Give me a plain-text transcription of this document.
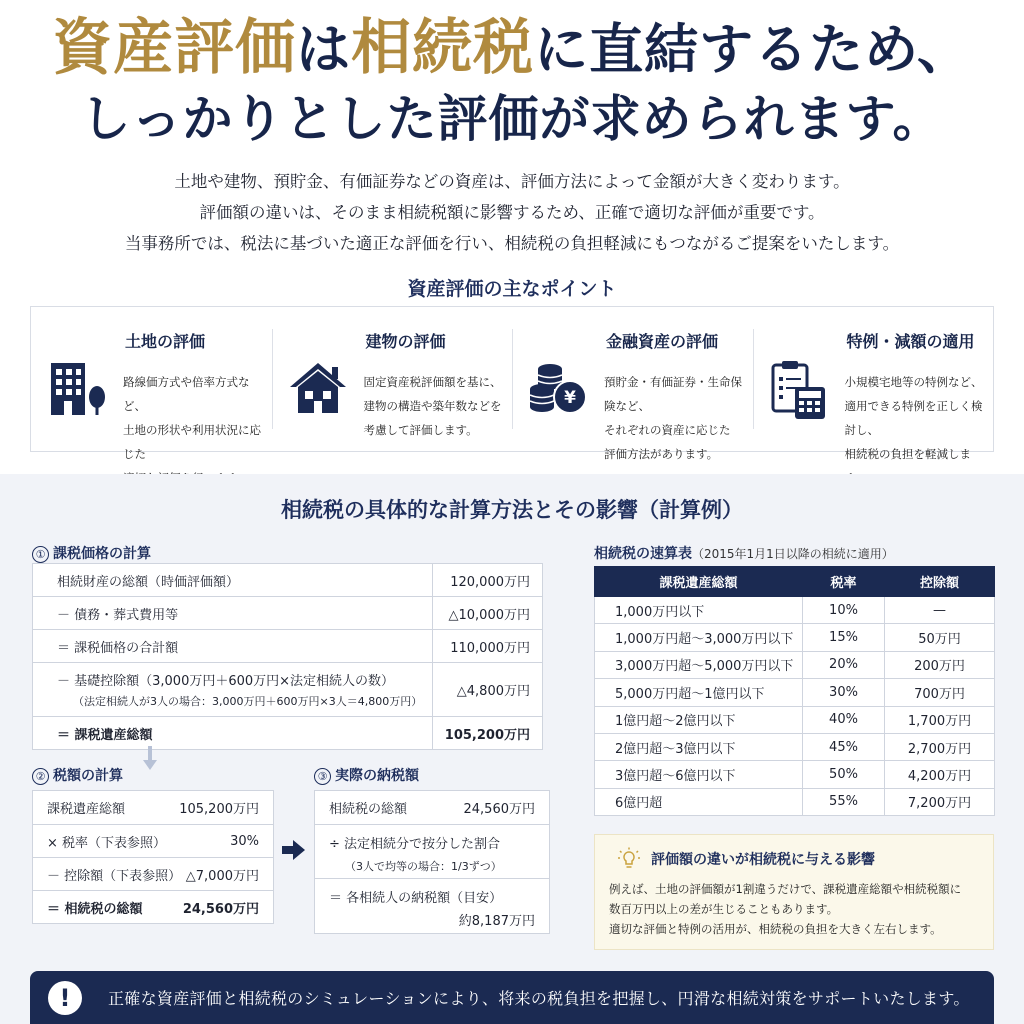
資産評価は相続税に直結するため、
しっかりとした評価が求められます。
土地や建物、預貯金、有価証券などの資産は、評価方法によって金額が大きく変わります。
評価額の違いは、そのまま相続税額に影響するため、正確で適切な評価が重要です。
当事務所では、税法に基づいた適正な評価を行い、相続税の負担軽減にもつながるご提案をいたします。
資産評価の主なポイント
土地の評価
路線価方式や倍率方式など、
土地の形状や利用状況に応じた

建物の評価
固定資産税評価額を基に、
建物の構造や築年数などを
考慮して評価します。
¥
金融資産の評価
預貯金・有価証券・生命保険など、
それぞれの資産に応じた
評価方法があります。
特例・減額の適用
小規模宅地等の特例など、
適用できる特例を正しく検討し、
相続税の負担を軽減しま
相続税の具体的な計算方法とその影響（計算例）
① 課税価格の計算
相続財産の総額（時価評価額）	120,000万円
－ 債務・葬式費用等	△10,000万円
＝ 課税価格の合計額	110,000万円
－ 基礎控除額（3,000万円＋600万円×法定相続人の数）
（法定相続人が3人の場合：3,000万円＋600万円×3人＝4,800万円）	△4,800万円
＝ 課税遺産総額	105,200万円
② 税額の計算
課税遺産総額	105,200万円
× 税率（下表参照）	30%
－ 控除額（下表参照） △7,000万円
＝ 相続税の総額	24,560万円
③ 実際の納税額
相続税の総額	24,560万円
÷ 法定相続分で按分した割合
（3人で均等の場合：1/3ずつ）
＝ 各相続人の納税額（目安）
約8,187万円
相続税の速算表（2015年1月1日以降の相続に適用）
課税遺産総額	税率	控除額
1,000万円以下	10%	—
1,000万円超～3,000万円以下	15%	50万円
3,000万円超～5,000万円以下	20%	200万円
5,000万円超～1億円以下	30%	700万円
1億円超～2億円以下	40%	1,700万円
2億円超～3億円以下	45%	2,700万円
3億円超～6億円以下	50%	4,200万円
6億円超	55%	7,200万円
評価額の違いが相続税に与える影響
例えば、土地の評価額が1割違うだけで、課税遺産総額や相続税額に
数百万円以上の差が生じることもあります。
適切な評価と特例の活用が、相続税の負担を大きく左右します。
!	正確な資産評価と相続税のシミュレーションにより、将来の税負担を把握し、円滑な相続対策をサポートいたします。
